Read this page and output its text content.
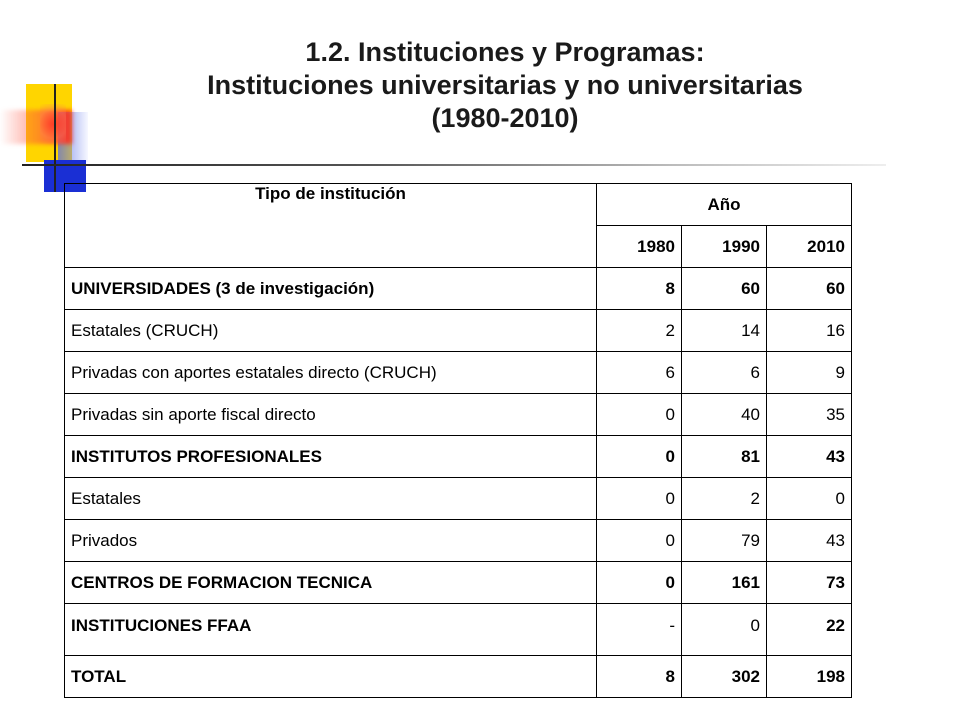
1.2. Instituciones y Programas:
Instituciones universitarias y no universitarias
(1980-2010)
Tipo de institución	Año		
	1980	1990	2010
UNIVERSIDADES (3 de investigación)	8	60	60
Estatales (CRUCH)	2	14	16
Privadas con aportes estatales directo (CRUCH)	6	6	9
Privadas sin aporte fiscal directo	0	40	35
INSTITUTOS PROFESIONALES	0	81	43
Estatales	0	2	0
Privados	0	79	43
CENTROS DE FORMACION TECNICA	0	161	73
INSTITUCIONES FFAA	-	0	22
TOTAL	8	302	198
